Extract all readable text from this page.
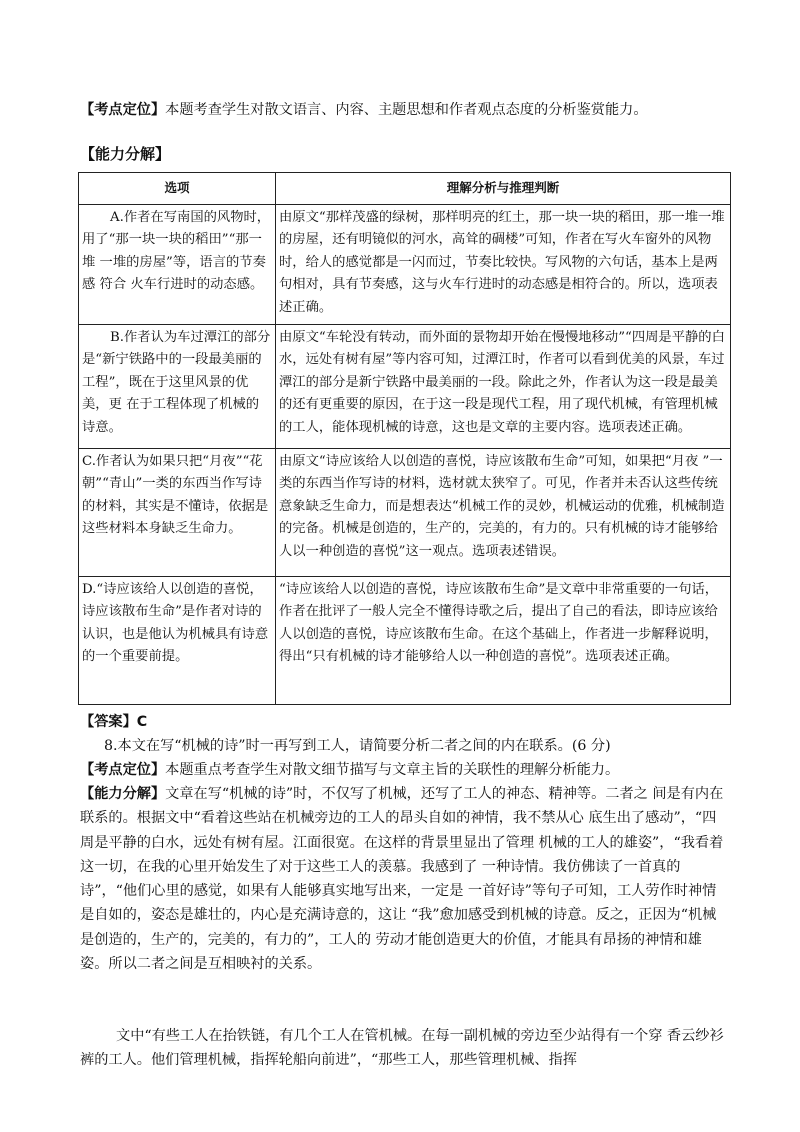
【考点定位】本题考查学生对散文语言、内容、主题思想和作者观点态度的分析鉴赏能力。

【能力分解】
选项	理解分析与推理判断
A.作者在写南国的风物时，用了“那一块一块的稻田”“那一堆 一堆的房屋”等，语言的节奏感 符合 火车行进时的动态感。	由原文“那样茂盛的绿树，那样明亮的红土，那一块一块的稻田，那一堆一堆的房屋，还有明镜似的河水，高耸的碉楼”可知，作者在写火车窗外的风物时，给人的感觉都是一闪而过，节奏比较快。写风物的六句话，基本上是两句相对，具有节奏感，这与火车行进时的动态感是相符合的。所以，选项表述正确。
B.作者认为车过潭江的部分是“新宁铁路中的一段最美丽的工程”，既在于这里风景的优美，更 在于工程体现了机械的诗意。	由原文“车轮没有转动，而外面的景物却开始在慢慢地移动”“四周是平静的白水，远处有树有屋”等内容可知，过潭江时，作者可以看到优美的风景，车过潭江的部分是新宁铁路中最美丽的一段。除此之外，作者认为这一段是最美的还有更重要的原因，在于这一段是现代工程，用了现代机械，有管理机械的工人，能体现机械的诗意，这也是文章的主要内容。选项表述正确。
C.作者认为如果只把“月夜”“花朝”“青山”一类的东西当作写诗 的材料，其实是不懂诗，依据是 这些材料本身缺乏生命力。	由原文“诗应该给人以创造的喜悦，诗应该散布生命”可知，如果把“月夜 ”一类的东西当作写诗的材料，选材就太狭窄了。可见，作者并未否认这些传统意象缺乏生命力，而是想表达“机械工作的灵妙，机械运动的优雅，机械制造的完备。机械是创造的，生产的，完美的，有力的。只有机械的诗才能够给人以一种创造的喜悦”这一观点。选项表述错误。
D.“诗应该给人以创造的喜悦，诗应该散布生命”是作者对诗的 认识，也是他认为机械具有诗意 的一个重要前提。	“诗应该给人以创造的喜悦，诗应该散布生命”是文章中非常重要的一句话，作者在批评了一般人完全不懂得诗歌之后，提出了自己的看法，即诗应该给人以创造的喜悦，诗应该散布生命。在这个基础上，作者进一步解释说明，得出“只有机械的诗才能够给人以一种创造的喜悦”。选项表述正确。

【答案】C

8.本文在写“机械的诗”时一再写到工人，请简要分析二者之间的内在联系。(6 分)

【考点定位】本题重点考查学生对散文细节描写与文章主旨的关联性的理解分析能力。

【能力分解】文章在写“机械的诗”时，不仅写了机械，还写了工人的神态、精神等。二者之 间是有内在联系的。根据文中“看着这些站在机械旁边的工人的昂头自如的神情，我不禁从心 底生出了感动”，“四周是平静的白水，远处有树有屋。江面很宽。在这样的背景里显出了管理 机械的工人的雄姿”，“我看着这一切，在我的心里开始发生了对于这些工人的羡慕。我感到了 一种诗情。我仿佛读了一首真的诗”，“他们心里的感觉，如果有人能够真实地写出来，一定是 一首好诗”等句子可知，工人劳作时神情是自如的，姿态是雄壮的，内心是充满诗意的，这让 “我”愈加感受到机械的诗意。反之，正因为“机械是创造的，生产的，完美的，有力的”，工人的 劳动才能创造更大的价值，才能具有昂扬的神情和雄姿。所以二者之间是互相映衬的关系。

文中“有些工人在抬铁链，有几个工人在管机械。在每一副机械的旁边至少站得有一个穿 香云纱衫裤的工人。他们管理机械，指挥轮船向前进”，“那些工人，那些管理机械、指挥
